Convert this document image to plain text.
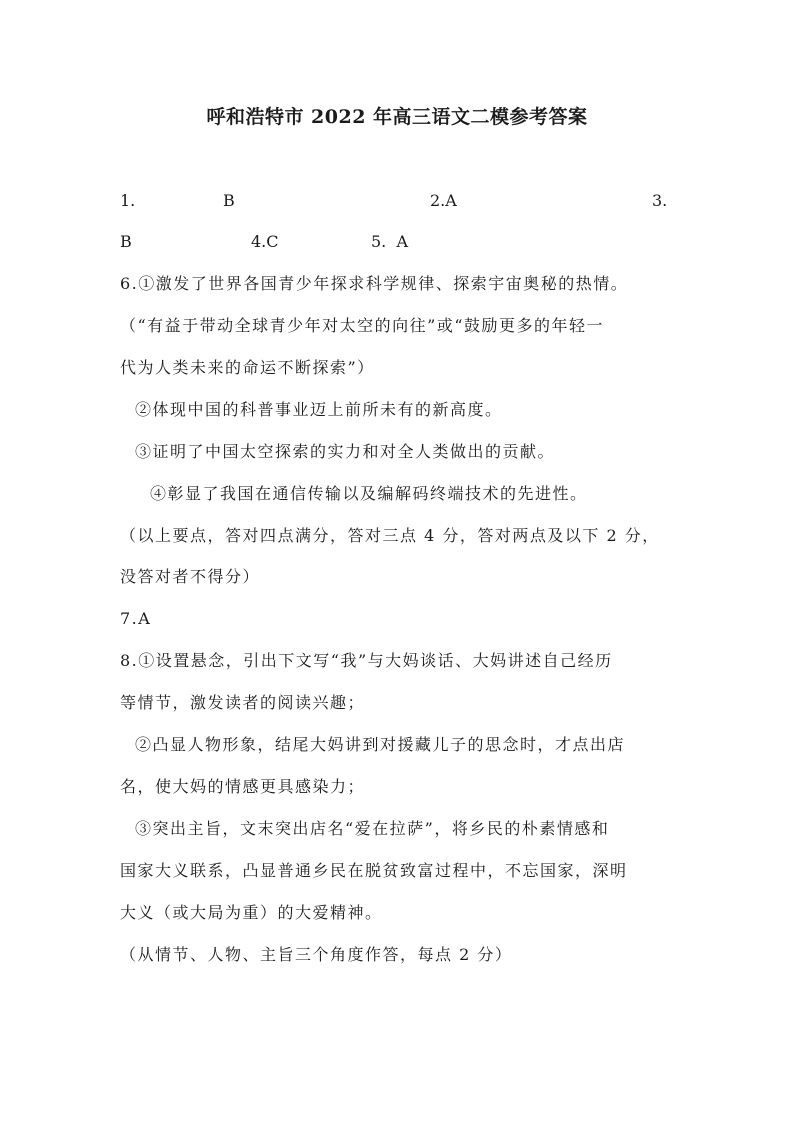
呼和浩特市 2022 年高三语文二模参考答案
1.	B	2.A	3.
B	4.C	5.  A
6.①激发了世界各国青少年探求科学规律、探索宇宙奥秘的热情。
（“有益于带动全球青少年对太空的向往”或“鼓励更多的年轻一
代为人类未来的命运不断探索”）
②体现中国的科普事业迈上前所未有的新高度。
③证明了中国太空探索的实力和对全人类做出的贡献。
④彰显了我国在通信传输以及编解码终端技术的先进性。
（以上要点，答对四点满分，答对三点 4 分，答对两点及以下 2 分，
没答对者不得分）
7.A
8.①设置悬念，引出下文写“我”与大妈谈话、大妈讲述自己经历
等情节，激发读者的阅读兴趣；
②凸显人物形象，结尾大妈讲到对援藏儿子的思念时，才点出店
名，使大妈的情感更具感染力；
③突出主旨，文末突出店名“爱在拉萨”，将乡民的朴素情感和
国家大义联系，凸显普通乡民在脱贫致富过程中，不忘国家，深明
大义（或大局为重）的大爱精神。
（从情节、人物、主旨三个角度作答，每点 2 分）
